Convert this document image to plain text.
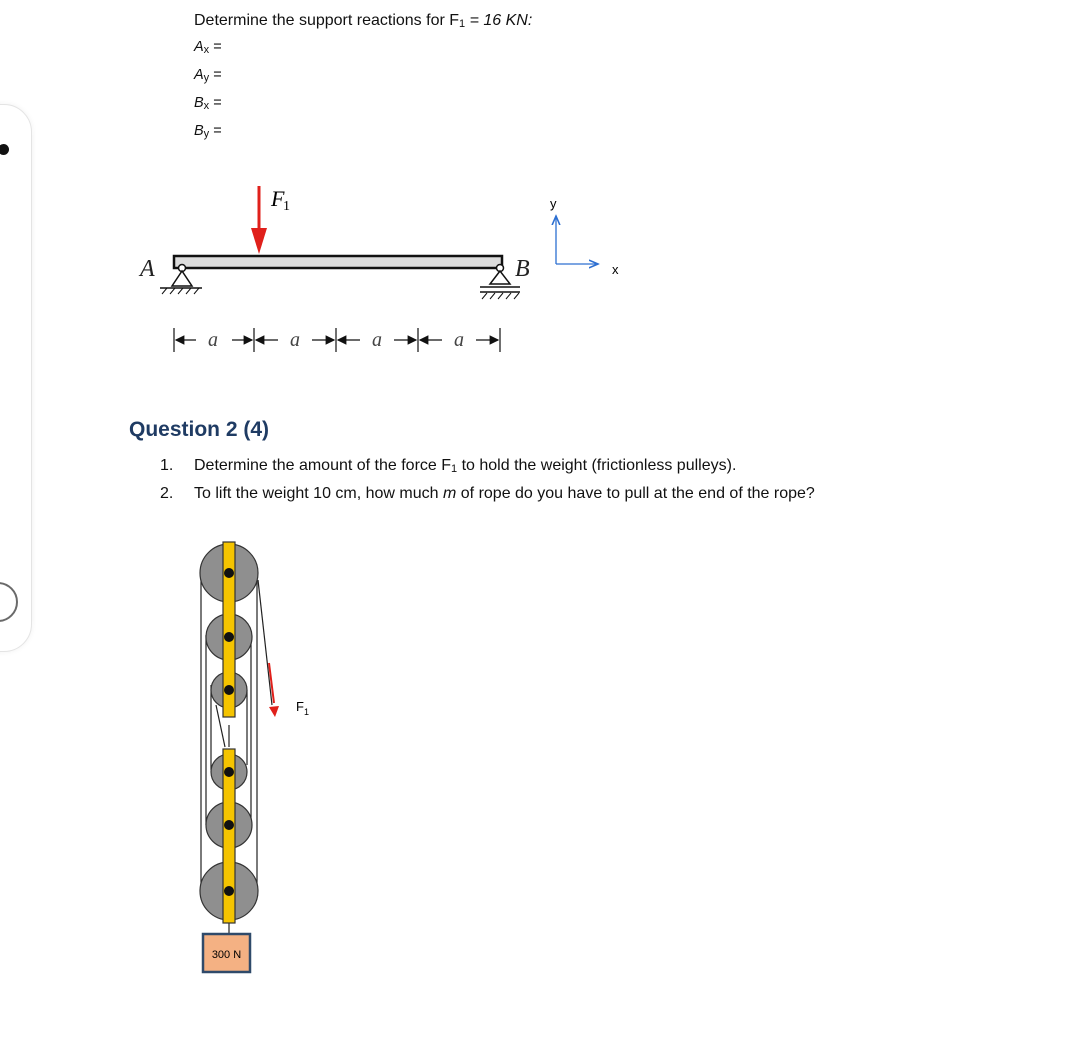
Determine the support reactions for $F_1 = 16$ KN:
$A_x$ =
$A_y$ =
$B_x$ =
$B_y$ =
F
1
A	B
y
x
a	a	a	a
Question 2 (4)
1.	Determine the amount of the force $F_1$ to hold the weight (frictionless pulleys).
2.	To lift the weight 10 cm, how much m of rope do you have to pull at the end of the rope?
F 1
300 N
